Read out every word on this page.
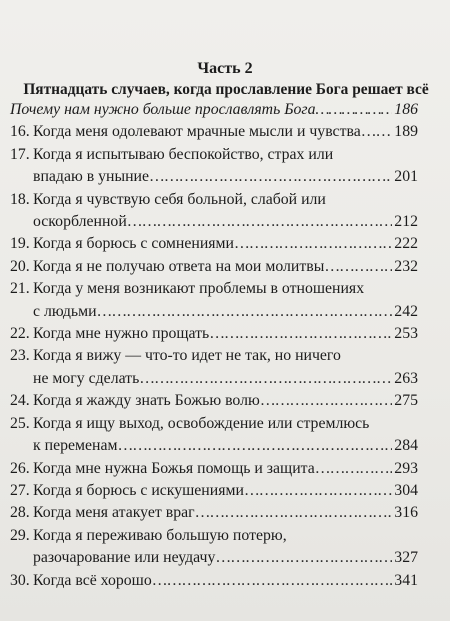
Часть 2
Пятнадцать случаев, когда прославление Бога решает всё
Почему нам нужно больше прославлять Бога …………………………………………………………………………………………………………………	186
16. Когда меня одолевают мрачные мысли и чувства ………………………………………………………………………………………………………………… 189
17. Когда я испытываю беспокойство, страх или
впадаю в уныние …………………………………………………………………………………………………………………	201
18. Когда я чувствую себя больной, слабой или
оскорбленной …………………………………………………………………………………………………………………	212
19. Когда я борюсь с сомнениями …………………………………………………………………………………………………………………	222
20. Когда я не получаю ответа на мои молитвы …………………………………………………………………………………………………………………	232
21. Когда у меня возникают проблемы в отношениях
с людьми …………………………………………………………………………………………………………………	242
22. Когда мне нужно прощать …………………………………………………………………………………………………………………	253
23. Когда я вижу — что-то идет не так, но ничего
не могу сделать …………………………………………………………………………………………………………………	263
24. Когда я жажду знать Божью волю …………………………………………………………………………………………………………………	275
25. Когда я ищу выход, освобождение или стремлюсь
к переменам …………………………………………………………………………………………………………………	284
26. Когда мне нужна Божья помощь и защита …………………………………………………………………………………………………………………	293
27. Когда я борюсь с искушениями …………………………………………………………………………………………………………………	304
28. Когда меня атакует враг …………………………………………………………………………………………………………………	316
29. Когда я переживаю большую потерю,
разочарование или неудачу …………………………………………………………………………………………………………………	327
30. Когда всё хорошо …………………………………………………………………………………………………………………	341
